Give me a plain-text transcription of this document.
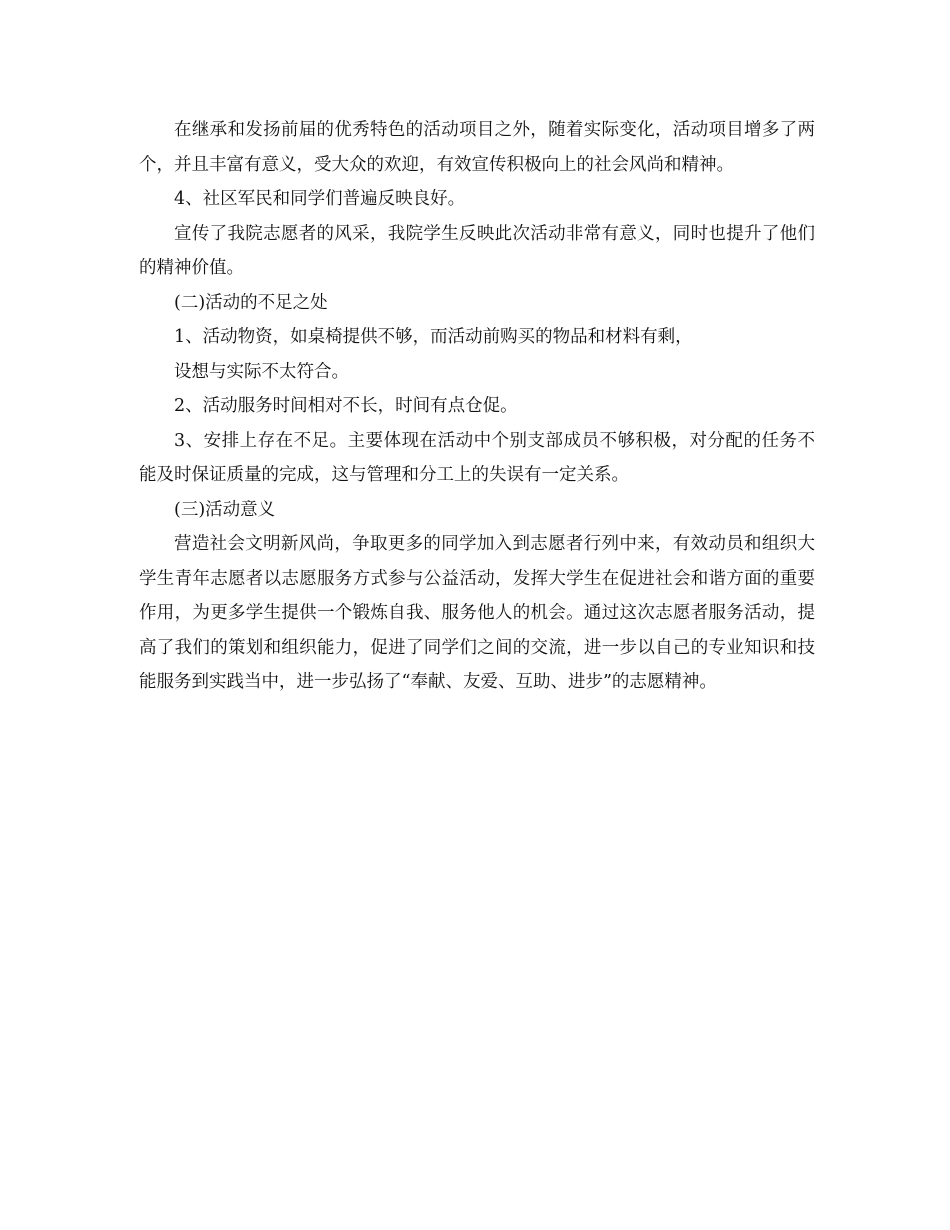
在继承和发扬前届的优秀特色的活动项目之外，随着实际变化，活动项目增多了两个，并且丰富有意义，受大众的欢迎，有效宣传积极向上的社会风尚和精神。

4、社区军民和同学们普遍反映良好。

宣传了我院志愿者的风采，我院学生反映此次活动非常有意义，同时也提升了他们的精神价值。

(二)活动的不足之处

1、活动物资，如桌椅提供不够，而活动前购买的物品和材料有剩，

设想与实际不太符合。

2、活动服务时间相对不长，时间有点仓促。

3、安排上存在不足。主要体现在活动中个别支部成员不够积极，对分配的任务不能及时保证质量的完成，这与管理和分工上的失误有一定关系。

(三)活动意义

营造社会文明新风尚，争取更多的同学加入到志愿者行列中来，有效动员和组织大学生青年志愿者以志愿服务方式参与公益活动，发挥大学生在促进社会和谐方面的重要作用，为更多学生提供一个锻炼自我、服务他人的机会。通过这次志愿者服务活动，提高了我们的策划和组织能力，促进了同学们之间的交流，进一步以自己的专业知识和技能服务到实践当中，进一步弘扬了“奉献、友爱、互助、进步”的志愿精神。
